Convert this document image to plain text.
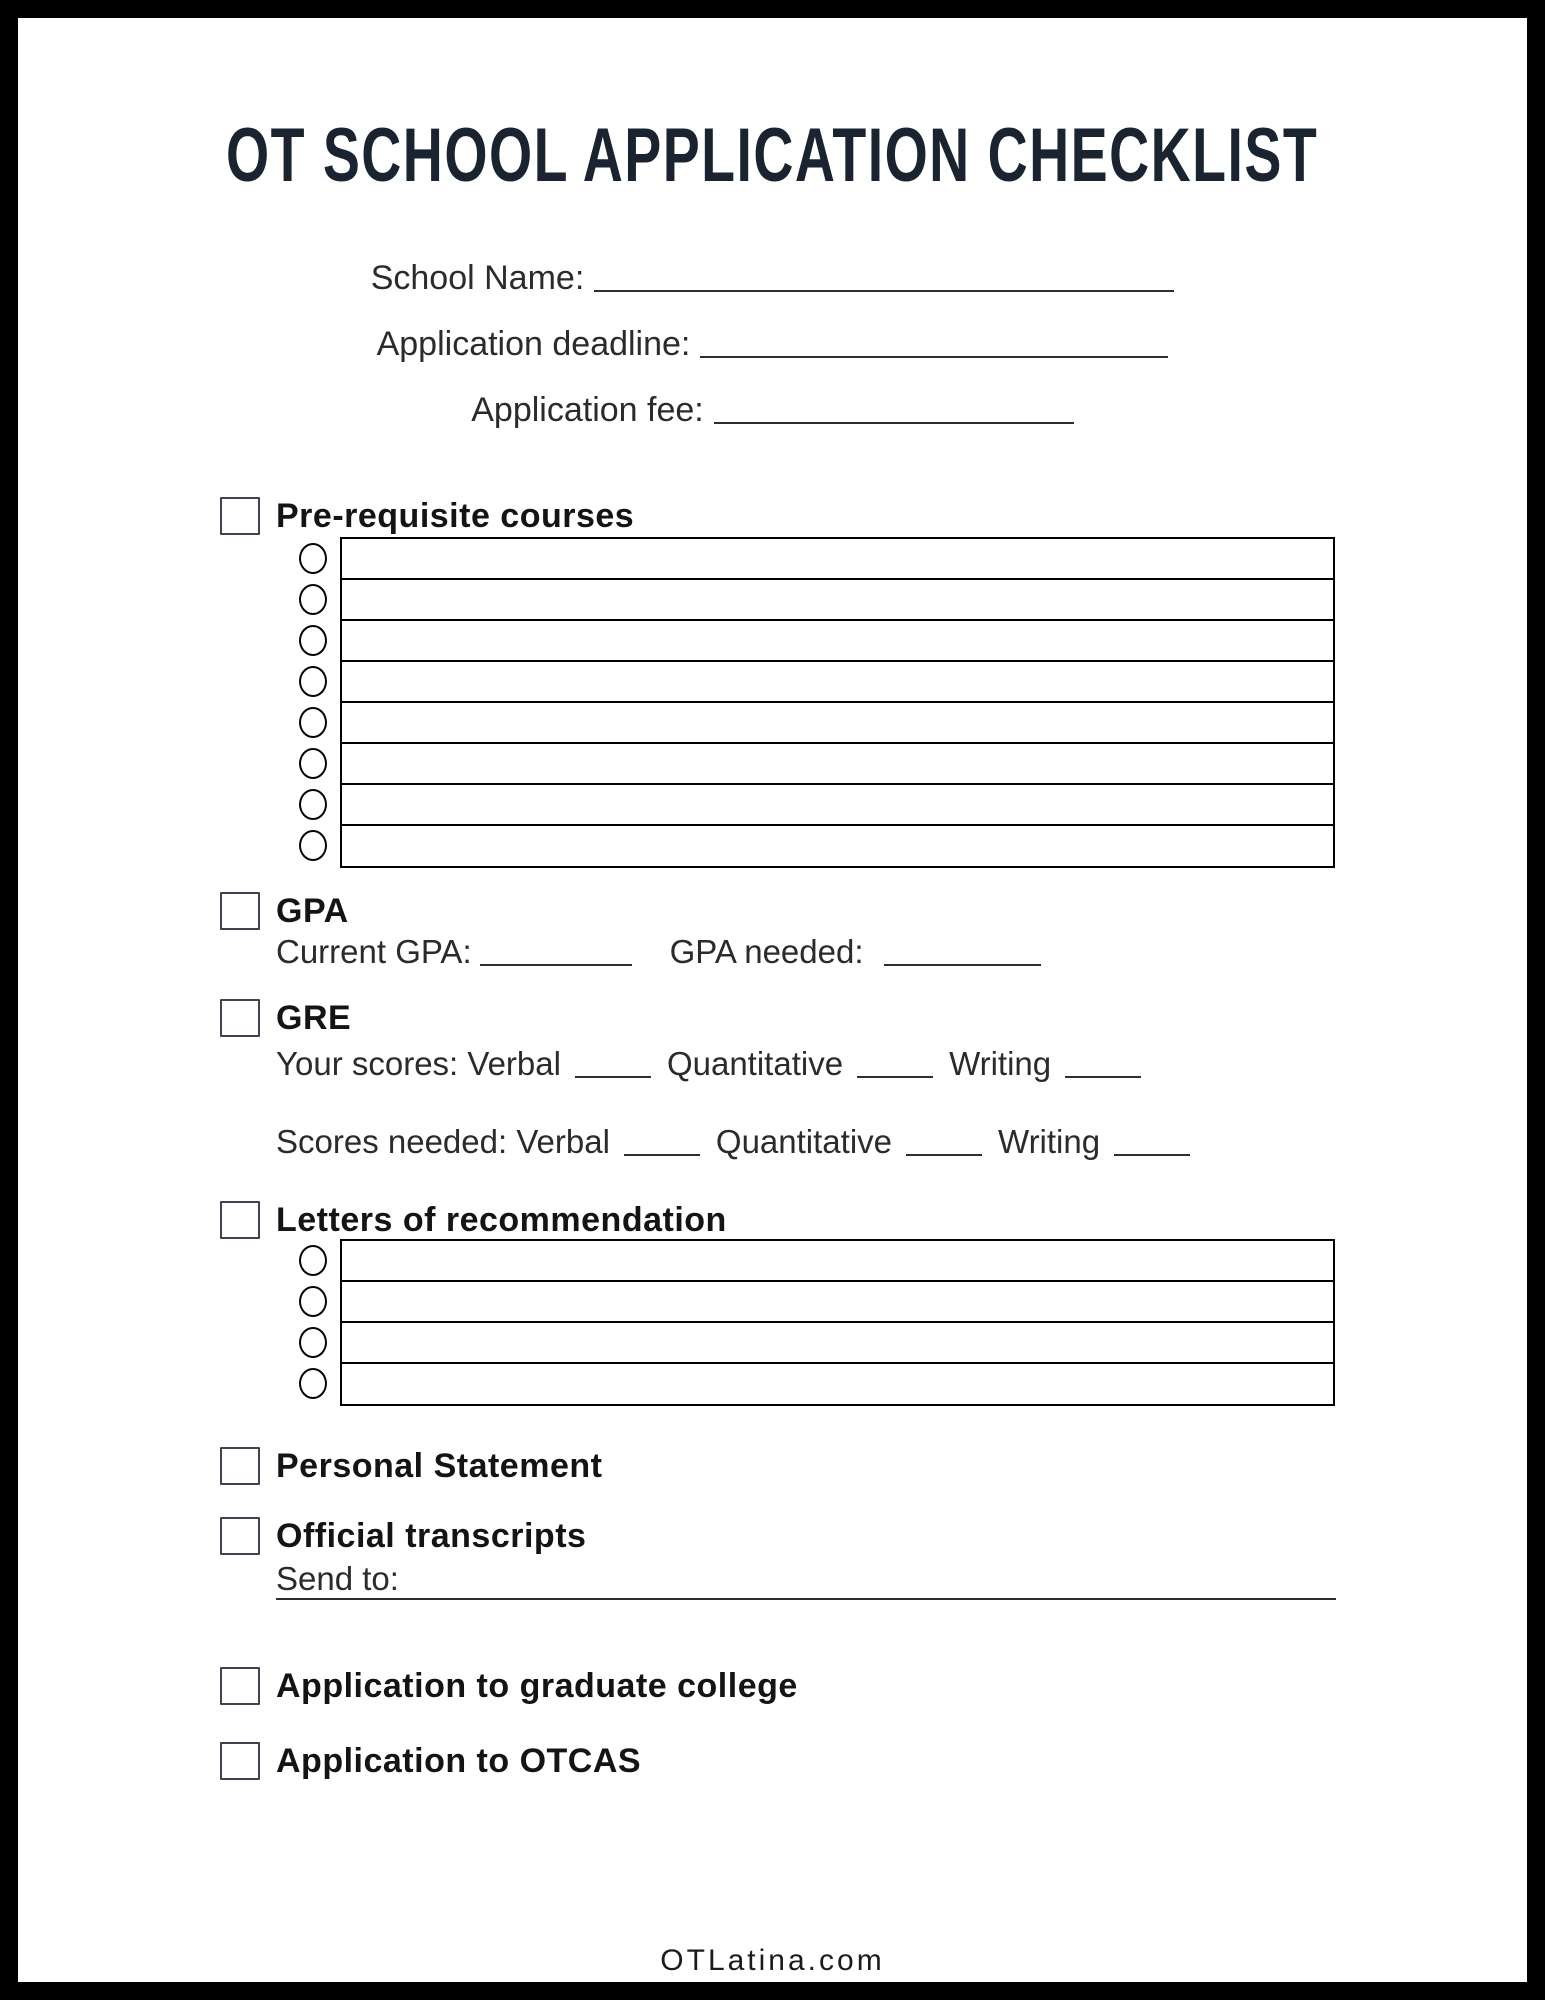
OT SCHOOL APPLICATION CHECKLIST
School Name:
Application deadline:
Application fee:
Pre-requisite courses
GPA
Current GPA:	GPA needed:
GRE
Your scores: Verbal	Quantitative	Writing
Scores needed: Verbal	Quantitative	Writing
Letters of recommendation
Personal Statement
Official transcripts
Send to:
Application to graduate college
Application to OTCAS
OTLatina.com
